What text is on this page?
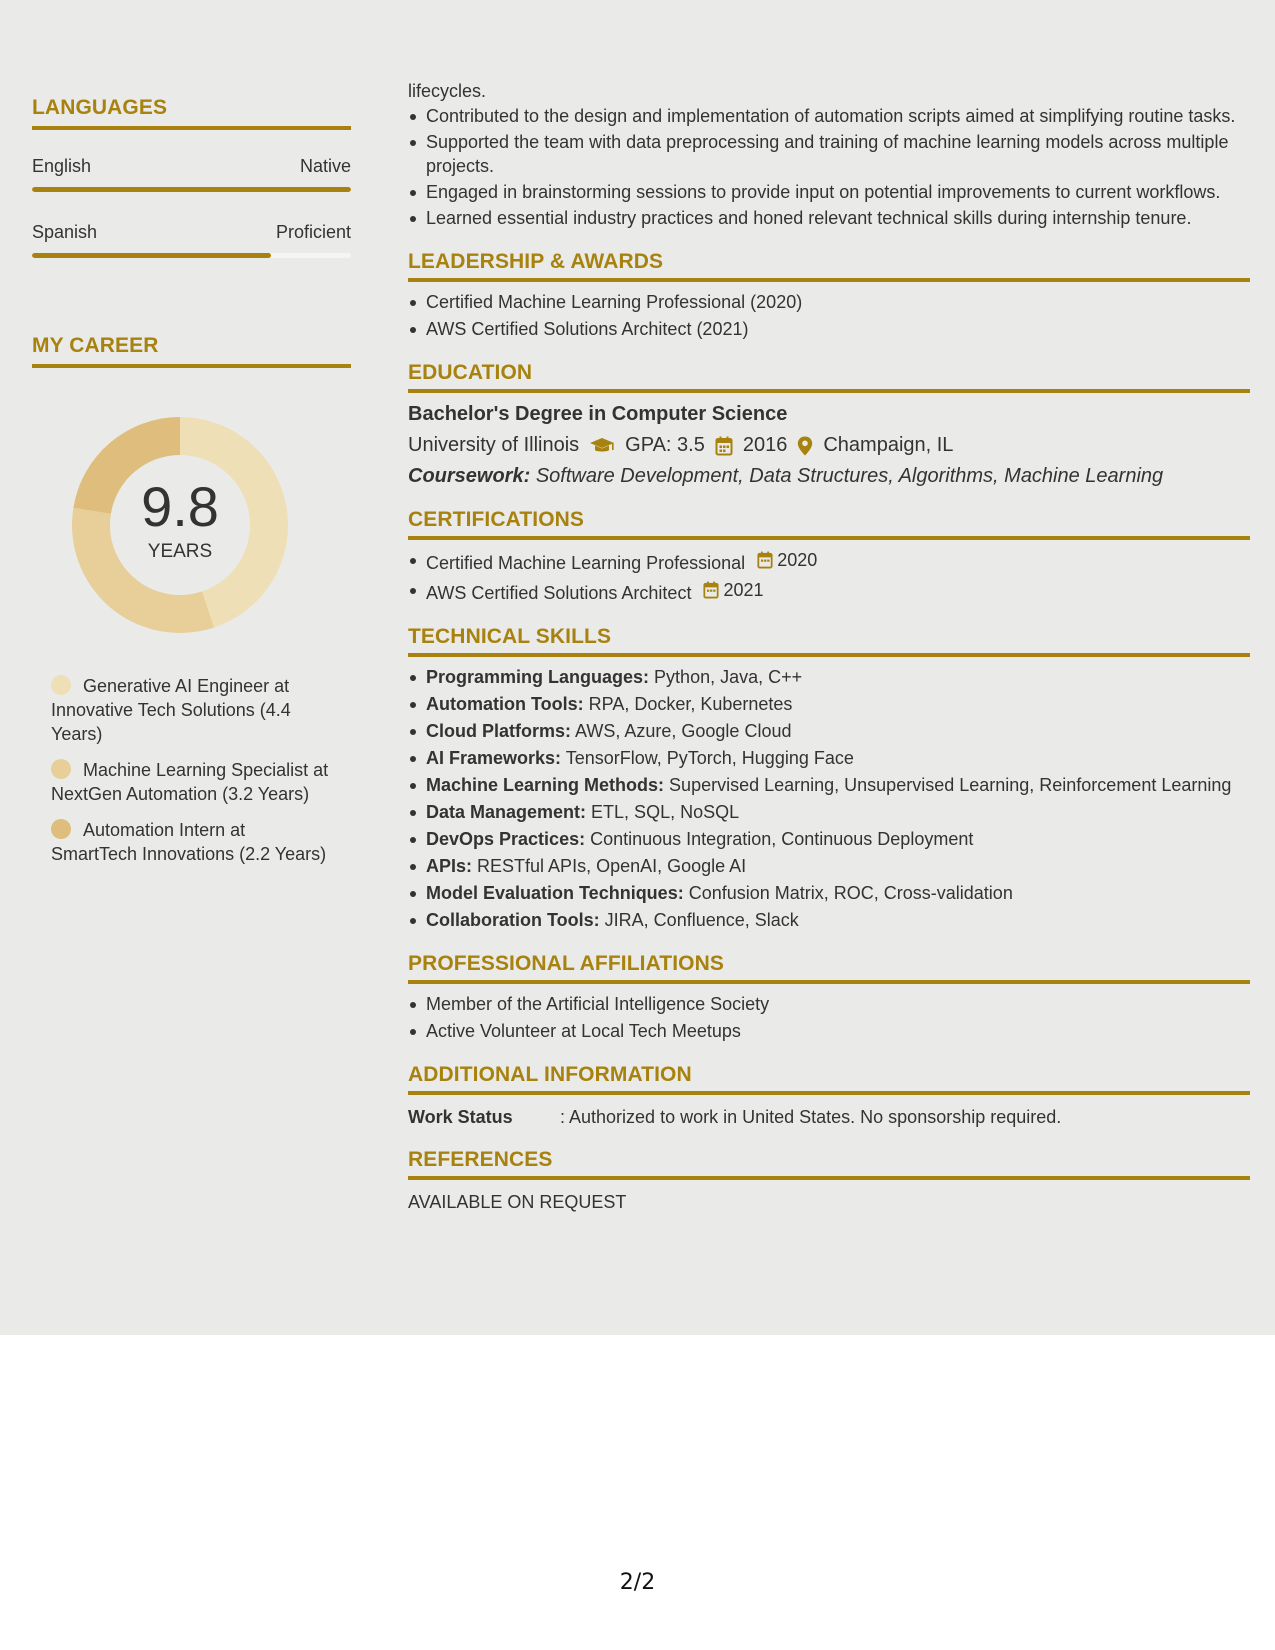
LANGUAGES
English	Native
Spanish	Proficient
MY CAREER
9.8
YEARS
Generative AI Engineer at Innovative Tech Solutions (4.4 Years)
Machine Learning Specialist at NextGen Automation (3.2 Years)
Automation Intern at SmartTech Innovations (2.2 Years)
lifecycles.
Contributed to the design and implementation of automation scripts aimed at simplifying routine tasks.
Supported the team with data preprocessing and training of machine learning models across multiple projects.
Engaged in brainstorming sessions to provide input on potential improvements to current workflows.
Learned essential industry practices and honed relevant technical skills during internship tenure.
LEADERSHIP & AWARDS
Certified Machine Learning Professional (2020)
AWS Certified Solutions Architect (2021)
EDUCATION
Bachelor's Degree in Computer Science
University of Illinois GPA: 3.5 2016 Champaign, IL
Coursework: Software Development, Data Structures, Algorithms, Machine Learning
CERTIFICATIONS
Certified Machine Learning Professional 2020
AWS Certified Solutions Architect 2021
TECHNICAL SKILLS
Programming Languages: Python, Java, C++
Automation Tools: RPA, Docker, Kubernetes
Cloud Platforms: AWS, Azure, Google Cloud
AI Frameworks: TensorFlow, PyTorch, Hugging Face
Machine Learning Methods: Supervised Learning, Unsupervised Learning, Reinforcement Learning
Data Management: ETL, SQL, NoSQL
DevOps Practices: Continuous Integration, Continuous Deployment
APIs: RESTful APIs, OpenAI, Google AI
Model Evaluation Techniques: Confusion Matrix, ROC, Cross-validation
Collaboration Tools: JIRA, Confluence, Slack
PROFESSIONAL AFFILIATIONS
Member of the Artificial Intelligence Society
Active Volunteer at Local Tech Meetups
ADDITIONAL INFORMATION
Work Status	: Authorized to work in United States. No sponsorship required.
REFERENCES
AVAILABLE ON REQUEST
2/2
